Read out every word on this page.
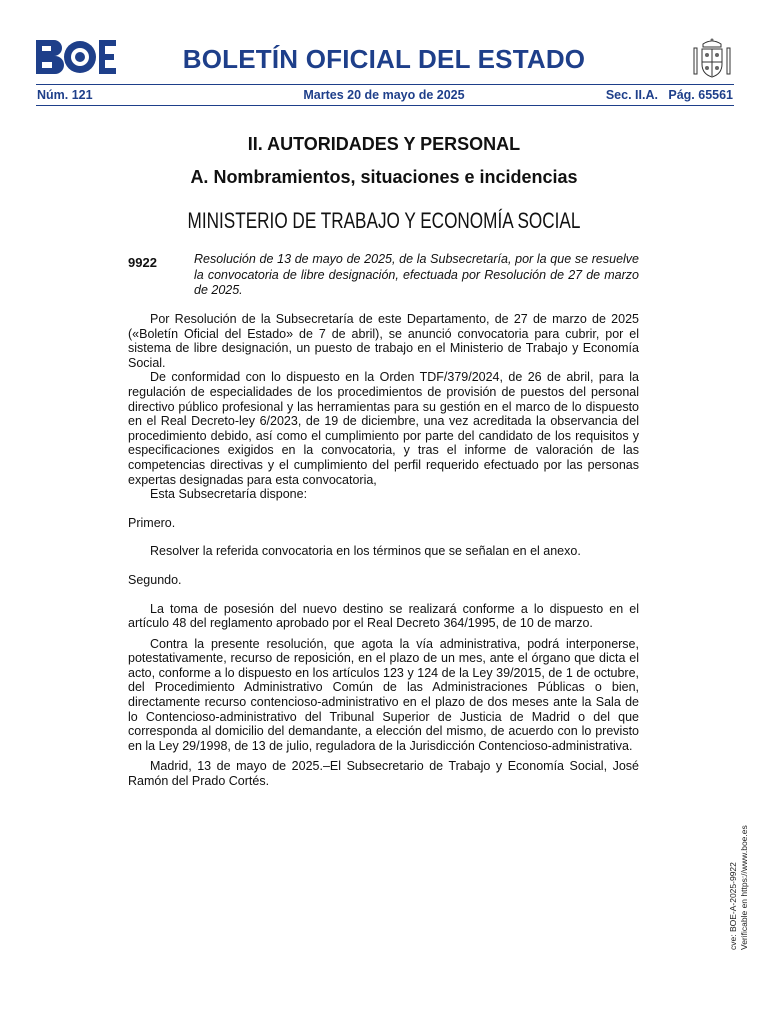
BOLETÍN OFICIAL DEL ESTADO
Núm. 121	Martes 20 de mayo de 2025	Sec. II.A.   Pág. 65561
II. AUTORIDADES Y PERSONAL
A. Nombramientos, situaciones e incidencias
MINISTERIO DE TRABAJO Y ECONOMÍA SOCIAL
9922	Resolución de 13 de mayo de 2025, de la Subsecretaría, por la que se resuelve la convocatoria de libre designación, efectuada por Resolución de 27 de marzo de 2025.

Por Resolución de la Subsecretaría de este Departamento, de 27 de marzo de 2025 («Boletín Oficial del Estado» de 7 de abril), se anunció convocatoria para cubrir, por el sistema de libre designación, un puesto de trabajo en el Ministerio de Trabajo y Economía Social.

De conformidad con lo dispuesto en la Orden TDF/379/2024, de 26 de abril, para la regulación de especialidades de los procedimientos de provisión de puestos del personal directivo público profesional y las herramientas para su gestión en el marco de lo dispuesto en el Real Decreto-ley 6/2023, de 19 de diciembre, una vez acreditada la observancia del procedimiento debido, así como el cumplimiento por parte del candidato de los requisitos y especificaciones exigidos en la convocatoria, y tras el informe de valoración de las competencias directivas y el cumplimiento del perfil requerido efectuado por las personas expertas designadas para esta convocatoria,

Esta Subsecretaría dispone:

Primero.

Resolver la referida convocatoria en los términos que se señalan en el anexo.

Segundo.

La toma de posesión del nuevo destino se realizará conforme a lo dispuesto en el artículo 48 del reglamento aprobado por el Real Decreto 364/1995, de 10 de marzo.

Contra la presente resolución, que agota la vía administrativa, podrá interponerse, potestativamente, recurso de reposición, en el plazo de un mes, ante el órgano que dicta el acto, conforme a lo dispuesto en los artículos 123 y 124 de la Ley 39/2015, de 1 de octubre, del Procedimiento Administrativo Común de las Administraciones Públicas o bien, directamente recurso contencioso-administrativo en el plazo de dos meses ante la Sala de lo Contencioso-administrativo del Tribunal Superior de Justicia de Madrid o del que corresponda al domicilio del demandante, a elección del mismo, de acuerdo con lo previsto en la Ley 29/1998, de 13 de julio, reguladora de la Jurisdicción Contencioso-administrativa.

Madrid, 13 de mayo de 2025.–El Subsecretario de Trabajo y Economía Social, José Ramón del Prado Cortés.

cve: BOE-A-2025-9922 Verificable en https://www.boe.es
